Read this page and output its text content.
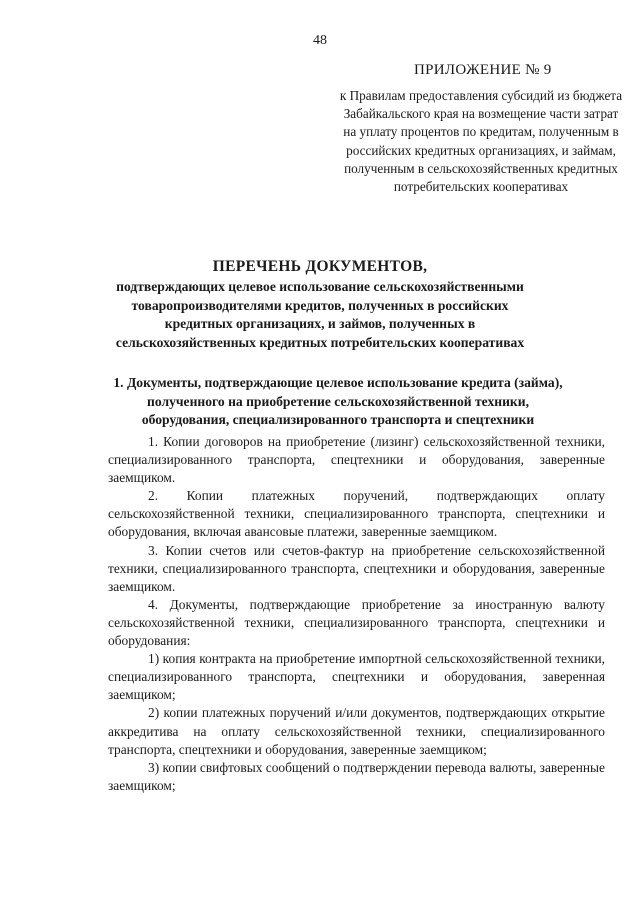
48
ПРИЛОЖЕНИЕ № 9
к Правилам предоставления субсидий из бюджета Забайкальского края на возмещение части затрат на уплату процентов по кредитам, полученным в российских кредитных организациях, и займам, полученным в сельскохозяйственных кредитных потребительских кооперативах
ПЕРЕЧЕНЬ ДОКУМЕНТОВ,
подтверждающих целевое использование сельскохозяйственными товаропроизводителями кредитов, полученных в российских кредитных организациях, и займов, полученных в сельскохозяйственных кредитных потребительских кооперативах
1. Документы, подтверждающие целевое использование кредита (займа), полученного на приобретение сельскохозяйственной техники, оборудования, специализированного транспорта и спецтехники

1. Копии договоров на приобретение (лизинг) сельскохозяйственной техники, специализированного транспорта, спецтехники и оборудования, заверенные заемщиком.

2. Копии платежных поручений, подтверждающих оплату сельскохозяйственной техники, специализированного транспорта, спецтехники и оборудования, включая авансовые платежи, заверенные заемщиком.

3. Копии счетов или счетов-фактур на приобретение сельскохозяйственной техники, специализированного транспорта, спецтехники и оборудования, заверенные заемщиком.

4. Документы, подтверждающие приобретение за иностранную валюту сельскохозяйственной техники, специализированного транспорта, спецтехники и оборудования:

1) копия контракта на приобретение импортной сельскохозяйственной техники, специализированного транспорта, спецтехники и оборудования, заверенная заемщиком;

2) копии платежных поручений и/или документов, подтверждающих открытие аккредитива на оплату сельскохозяйственной техники, специализированного транспорта, спецтехники и оборудования, заверенные заемщиком;

3) копии свифтовых сообщений о подтверждении перевода валюты, заверенные заемщиком;
